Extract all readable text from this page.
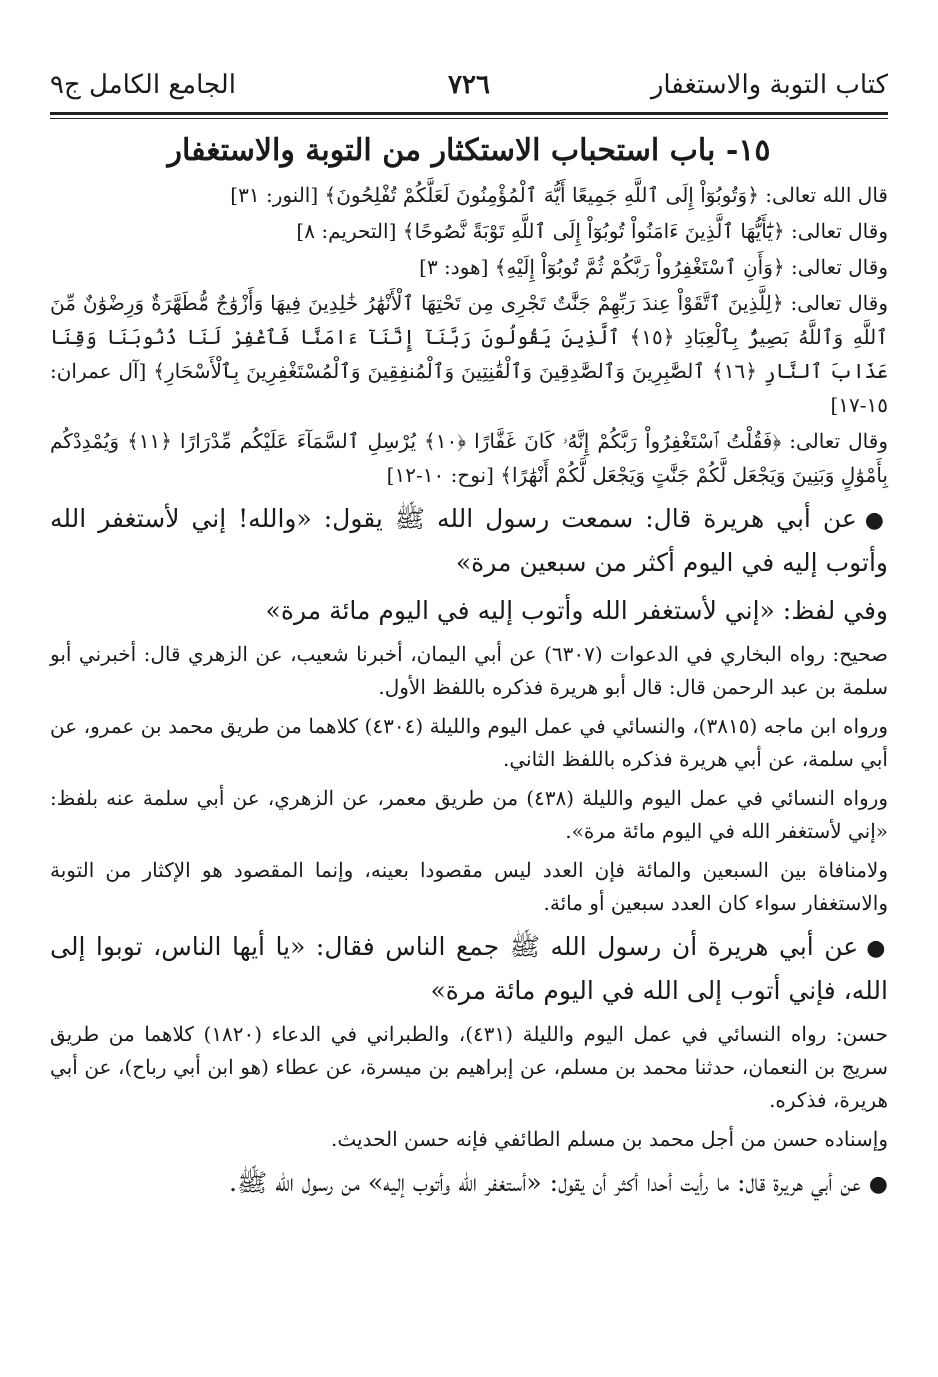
كتاب التوبة والاستغفار
٧٢٦
الجامع الكامل ج٩
١٥- باب استحباب الاستكثار من التوبة والاستغفار

قال الله تعالى: ﴿وَتُوبُوٓاْ إِلَى ٱللَّهِ جَمِيعًا أَيُّهَ ٱلْمُؤْمِنُونَ لَعَلَّكُمْ تُفْلِحُونَ﴾ [النور: ٣١]

وقال تعالى: ﴿يَٰٓأَيُّهَا ٱلَّذِينَ ءَامَنُواْ تُوبُوٓاْ إِلَى ٱللَّهِ تَوْبَةً نَّصُوحًا﴾ [التحريم: ٨]

وقال تعالى: ﴿وَأَنِ ٱسْتَغْفِرُواْ رَبَّكُمْ ثُمَّ تُوبُوٓاْ إِلَيْهِ﴾ [هود: ٣]

وقال تعالى: ﴿لِلَّذِينَ ٱتَّقَوْاْ عِندَ رَبِّهِمْ جَنَّٰتٌ تَجْرِى مِن تَحْتِهَا ٱلْأَنْهَٰرُ خَٰلِدِينَ فِيهَا وَأَزْوَٰجٌ مُّطَهَّرَةٌ وَرِضْوَٰنٌ مِّنَ ٱللَّهِ وَٱللَّهُ بَصِيرٌۢ بِٱلْعِبَادِ ﴿١٥﴾ ٱلَّذِينَ يَقُولُونَ رَبَّنَآ إِنَّنَآ ءَامَنَّا فَٱغْفِرْ لَنَا ذُنُوبَنَا وَقِنَا عَذَابَ ٱلنَّارِ ﴿١٦﴾ ٱلصَّٰبِرِينَ وَٱلصَّٰدِقِينَ وَٱلْقَٰنِتِينَ وَٱلْمُنفِقِينَ وَٱلْمُسْتَغْفِرِينَ بِٱلْأَسْحَارِ﴾ [آل عمران: ١٥-١٧]

وقال تعالى: ﴿فَقُلْتُ ٱسْتَغْفِرُواْ رَبَّكُمْ إِنَّهُۥ كَانَ غَفَّارًا ﴿١٠﴾ يُرْسِلِ ٱلسَّمَآءَ عَلَيْكُم مِّدْرَارًا ﴿١١﴾ وَيُمْدِدْكُم بِأَمْوَٰلٍ وَبَنِينَ وَيَجْعَل لَّكُمْ جَنَّٰتٍ وَيَجْعَل لَّكُمْ أَنْهَٰرًا﴾ [نوح: ١٠-١٢]

●عن أبي هريرة قال: سمعت رسول الله ﷺ يقول: «والله! إني لأستغفر الله وأتوب إليه في اليوم أكثر من سبعين مرة»

وفي لفظ: «إني لأستغفر الله وأتوب إليه في اليوم مائة مرة»

صحيح: رواه البخاري في الدعوات (٦٣٠٧) عن أبي اليمان، أخبرنا شعيب، عن الزهري قال: أخبرني أبو سلمة بن عبد الرحمن قال: قال أبو هريرة فذكره باللفظ الأول.

ورواه ابن ماجه (٣٨١٥)، والنسائي في عمل اليوم والليلة (٤٣٠٤) كلاهما من طريق محمد بن عمرو، عن أبي سلمة، عن أبي هريرة فذكره باللفظ الثاني.

ورواه النسائي في عمل اليوم والليلة (٤٣٨) من طريق معمر، عن الزهري، عن أبي سلمة عنه بلفظ: «إني لأستغفر الله في اليوم مائة مرة».

ولامنافاة بين السبعين والمائة فإن العدد ليس مقصودا بعينه، وإنما المقصود هو الإكثار من التوبة والاستغفار سواء كان العدد سبعين أو مائة.

●عن أبي هريرة أن رسول الله ﷺ جمع الناس فقال: «يا أيها الناس، توبوا إلى الله، فإني أتوب إلى الله في اليوم مائة مرة»

حسن: رواه النسائي في عمل اليوم والليلة (٤٣١)، والطبراني في الدعاء (١٨٢٠) كلاهما من طريق سريج بن النعمان، حدثنا محمد بن مسلم، عن إبراهيم بن ميسرة، عن عطاء (هو ابن أبي رباح)، عن أبي هريرة، فذكره.

وإسناده حسن من أجل محمد بن مسلم الطائفي فإنه حسن الحديث.

●عن أبي هريرة قال: ما رأيت أحدا أكثر أن يقول: «أستغفر الله وأتوب إليه» من رسول الله ﷺ.
